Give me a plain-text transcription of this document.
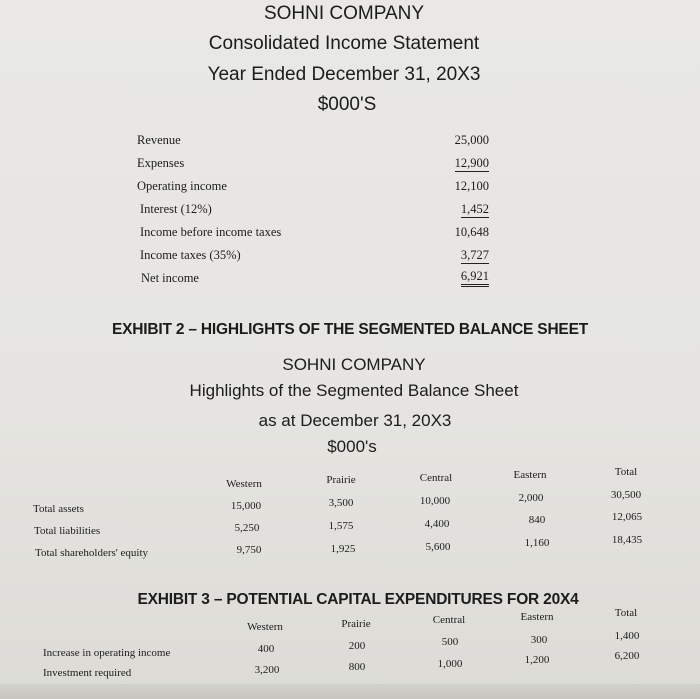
SOHNI COMPANY
Consolidated Income Statement
Year Ended December 31, 20X3
$000'S
Revenue	25,000
Expenses	12,900
Operating income	12,100
Interest (12%)	1,452
Income before income taxes	10,648
Income taxes (35%)	3,727
Net income	6,921
EXHIBIT 2 – HIGHLIGHTS OF THE SEGMENTED BALANCE SHEET
SOHNI COMPANY
Highlights of the Segmented Balance Sheet
as at December 31, 20X3
$000's
Western	Prairie	Central	Eastern	Total
Total assets	15,000	3,500	10,000	2,000	30,500
Total liabilities	5,250	1,575	4,400	840	12,065
Total shareholders' equity	9,750	1,925	5,600	1,160	18,435
EXHIBIT 3 – POTENTIAL CAPITAL EXPENDITURES FOR 20X4
Western	Prairie	Central	Eastern	Total
Increase in operating income	400	200	500	300	1,400
Investment required	3,200	800	1,000	1,200	6,200
